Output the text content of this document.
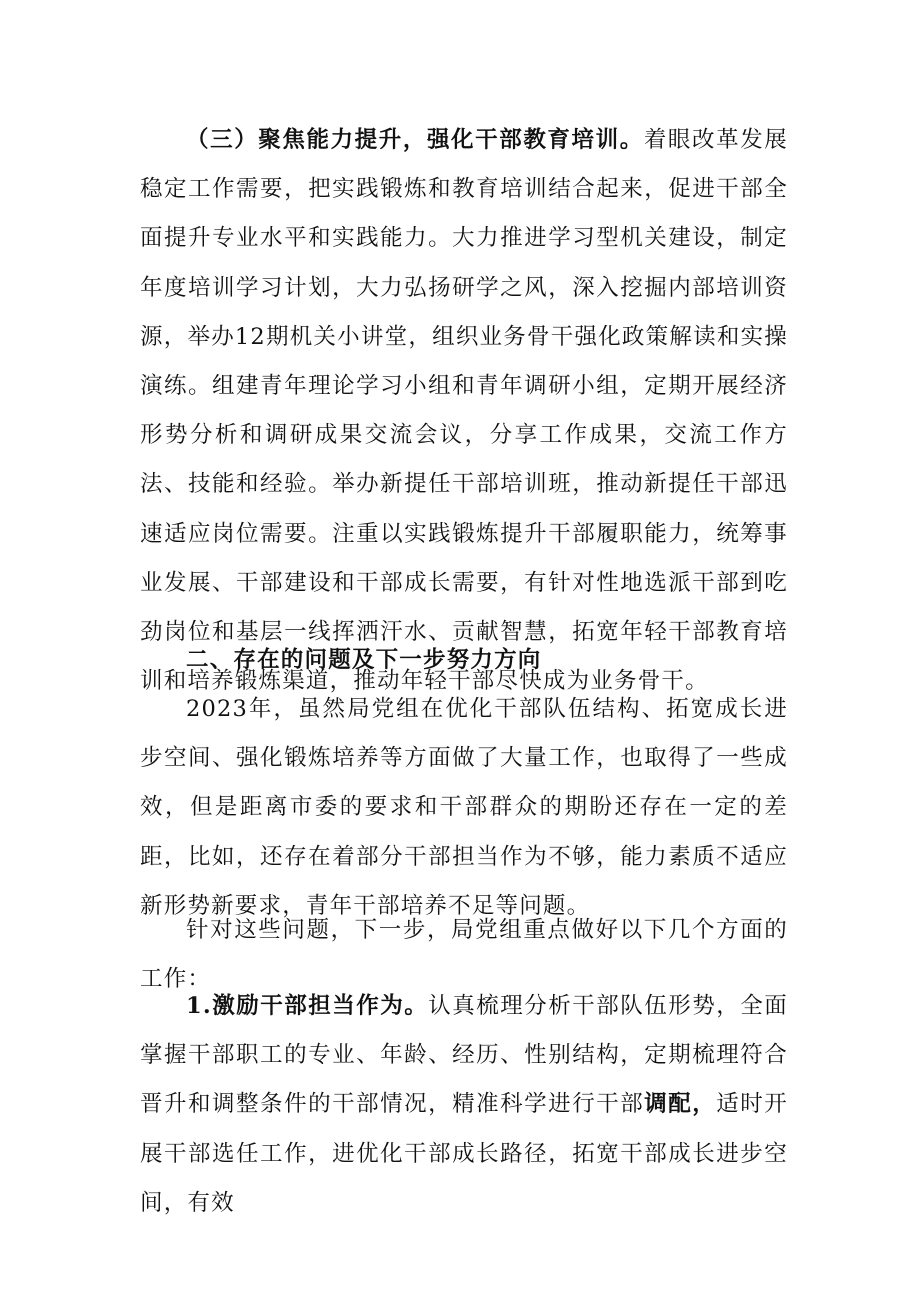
（三）聚焦能力提升，强化干部教育培训。着眼改革发展稳定工作需要，把实践锻炼和教育培训结合起来，促进干部全面提升专业水平和实践能力。大力推进学习型机关建设，制定年度培训学习计划，大力弘扬研学之风，深入挖掘内部培训资源，举办12期机关小讲堂，组织业务骨干强化政策解读和实操演练。组建青年理论学习小组和青年调研小组，定期开展经济形势分析和调研成果交流会议，分享工作成果，交流工作方法、技能和经验。举办新提任干部培训班，推动新提任干部迅速适应岗位需要。注重以实践锻炼提升干部履职能力，统筹事业发展、干部建设和干部成长需要，有针对性地选派干部到吃劲岗位和基层一线挥洒汗水、贡献智慧，拓宽年轻干部教育培训和培养锻炼渠道，推动年轻干部尽快成为业务骨干。

二、存在的问题及下一步努力方向

2023年，虽然局党组在优化干部队伍结构、拓宽成长进步空间、强化锻炼培养等方面做了大量工作，也取得了一些成效，但是距离市委的要求和干部群众的期盼还存在一定的差距，比如，还存在着部分干部担当作为不够，能力素质不适应新形势新要求，青年干部培养不足等问题。

针对这些问题，下一步，局党组重点做好以下几个方面的工作：

1.激励干部担当作为。认真梳理分析干部队伍形势，全面掌握干部职工的专业、年龄、经历、性别结构，定期梳理符合晋升和调整条件的干部情况，精准科学进行干部调配，适时开展干部选任工作，进优化干部成长路径，拓宽干部成长进步空间，有效
